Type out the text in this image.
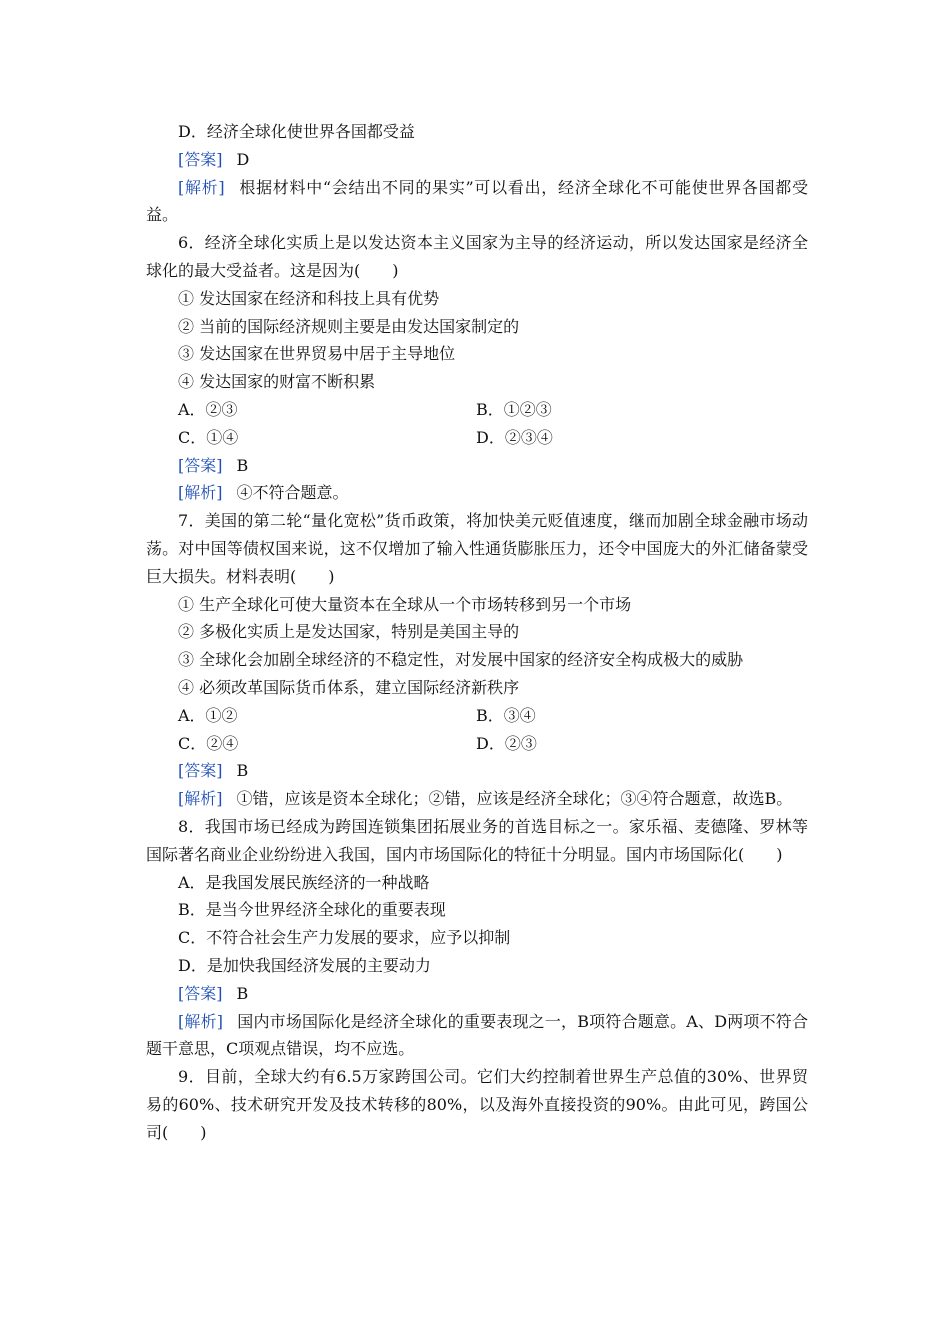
D．经济全球化使世界各国都受益
[答案] D

[解析] 根据材料中“会结出不同的果实”可以看出，经济全球化不可能使世界各国都受益。

6．经济全球化实质上是以发达资本主义国家为主导的经济运动，所以发达国家是经济全球化的最大受益者。这是因为(　　)

① 发达国家在经济和科技上具有优势
② 当前的国际经济规则主要是由发达国家制定的
③ 发达国家在世界贸易中居于主导地位
④ 发达国家的财富不断积累
A．②③	B．①②③
C．①④	D．②③④
[答案] B
[解析] ④不符合题意。

7．美国的第二轮“量化宽松”货币政策，将加快美元贬值速度，继而加剧全球金融市场动荡。对中国等债权国来说，这不仅增加了输入性通货膨胀压力，还令中国庞大的外汇储备蒙受巨大损失。材料表明(　　)

① 生产全球化可使大量资本在全球从一个市场转移到另一个市场
② 多极化实质上是发达国家，特别是美国主导的
③ 全球化会加剧全球经济的不稳定性，对发展中国家的经济安全构成极大的威胁
④ 必须改革国际货币体系，建立国际经济新秩序
A．①②	B．③④
C．②④	D．②③
[答案] B

[解析] ①错，应该是资本全球化；②错，应该是经济全球化；③④符合题意，故选B。

8．我国市场已经成为跨国连锁集团拓展业务的首选目标之一。家乐福、麦德隆、罗林等国际著名商业企业纷纷进入我国，国内市场国际化的特征十分明显。国内市场国际化(　　)

A．是我国发展民族经济的一种战略
B．是当今世界经济全球化的重要表现
C．不符合社会生产力发展的要求，应予以抑制
D．是加快我国经济发展的主要动力
[答案] B

[解析] 国内市场国际化是经济全球化的重要表现之一，B项符合题意。A、D两项不符合题干意思，C项观点错误，均不应选。

9．目前，全球大约有6.5万家跨国公司。它们大约控制着世界生产总值的30%、世界贸易的60%、技术研究开发及技术转移的80%，以及海外直接投资的90%。由此可见，跨国公司(　　)
